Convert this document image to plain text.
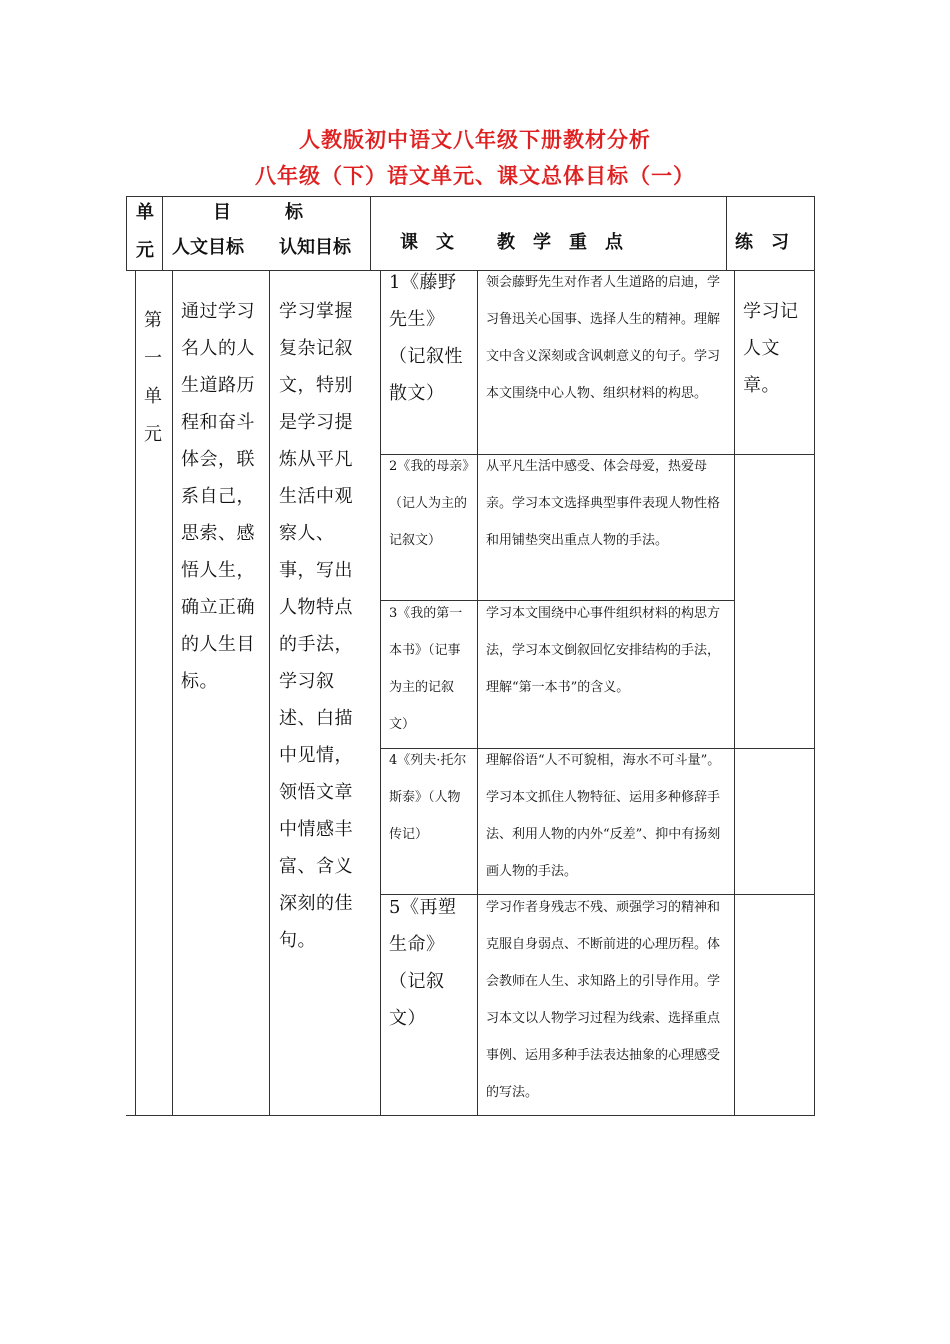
人教版初中语文八年级下册教材分析
八年级（下）语文单元、课文总体目标（一）
单
元
目　　　标
人文目标 认知目标	课　文 教　学　重　点	练　习
第一单元
通过学习名人的人生道路历程和奋斗体会，联系自己，思索、感悟人生，确立正确的人生目标。
学习掌握复杂记叙文，特别是学习提炼从平凡生活中观察人、事，写出人物特点的手法，学习叙述、白描中见情，领悟文章中情感丰富、含义深刻的佳句。
学习记人文章。
1《藤野先生》（记叙性散文）
领会藤野先生对作者人生道路的启迪，学习鲁迅关心国事、选择人生的精神。理解文中含义深刻或含讽刺意义的句子。学习本文围绕中心人物、组织材料的构思。
2《我的母亲》（记人为主的记叙文）
从平凡生活中感受、体会母爱，热爱母亲。学习本文选择典型事件表现人物性格和用铺垫突出重点人物的手法。
3《我的第一本书》（记事为主的记叙文）
学习本文围绕中心事件组织材料的构思方法，学习本文倒叙回忆安排结构的手法，理解“第一本书”的含义。
4《列夫·托尔斯泰》（人物传记）
理解俗语“人不可貌相，海水不可斗量”。学习本文抓住人物特征、运用多种修辞手法、利用人物的内外“反差”、抑中有扬刻画人物的手法。
5《再塑生命》（记叙文）
学习作者身残志不残、顽强学习的精神和克服自身弱点、不断前进的心理历程。体会教师在人生、求知路上的引导作用。学习本文以人物学习过程为线索、选择重点事例、运用多种手法表达抽象的心理感受的写法。
